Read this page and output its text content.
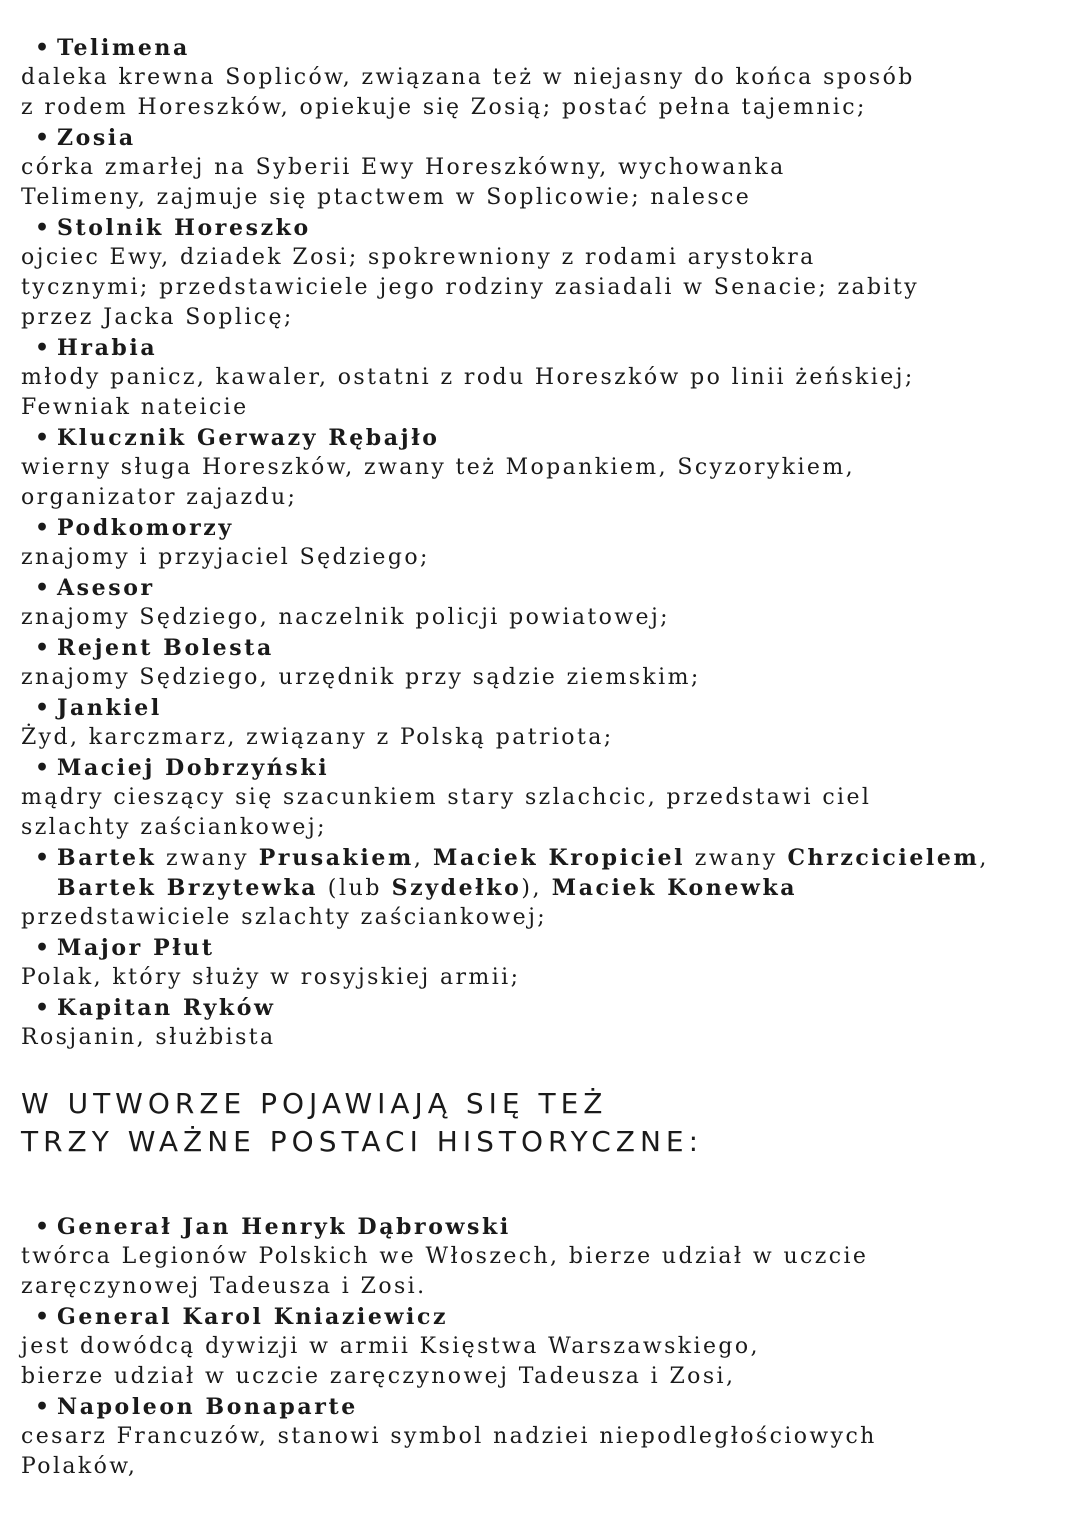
• Telimena
daleka krewna Sopliców, związana też w niejasny do końca sposób
z rodem Horeszków, opiekuje się Zosią; postać pełna tajemnic;
• Zosia
córka zmarłej na Syberii Ewy Horeszkówny, wychowanka
Telimeny, zajmuje się ptactwem w Soplicowie; nalesce
• Stolnik Horeszko
ojciec Ewy, dziadek Zosi; spokrewniony z rodami arystokra
tycznymi; przedstawiciele jego rodziny zasiadali w Senacie; zabity
przez Jacka Soplicę;
• Hrabia
młody panicz, kawaler, ostatni z rodu Horeszków po linii żeńskiej;
Fewniak nateicie
• Klucznik Gerwazy Rębajło
wierny sługa Horeszków, zwany też Mopankiem, Scyzorykiem,
organizator zajazdu;
• Podkomorzy
znajomy i przyjaciel Sędziego;
• Asesor
znajomy Sędziego, naczelnik policji powiatowej;
• Rejent Bolesta
znajomy Sędziego, urzędnik przy sądzie ziemskim;
• Jankiel
Żyd, karczmarz, związany z Polską patriota;
• Maciej Dobrzyński
mądry cieszący się szacunkiem stary szlachcic, przedstawi ciel
szlachty zaściankowej;
• Bartek zwany Prusakiem, Maciek Kropiciel zwany Chrzcicielem,
Bartek Brzytewka (lub Szydełko), Maciek Konewka
przedstawiciele szlachty zaściankowej;
• Major Płut
Polak, który służy w rosyjskiej armii;
• Kapitan Ryków
Rosjanin, służbista
W UTWORZE POJAWIAJĄ SIĘ TEŻ
TRZY WAŻNE POSTACI HISTORYCZNE:
• Generał Jan Henryk Dąbrowski
twórca Legionów Polskich we Włoszech, bierze udział w uczcie
zaręczynowej Tadeusza i Zosi.
• General Karol Kniaziewicz
jest dowódcą dywizji w armii Księstwa Warszawskiego,
bierze udział w uczcie zaręczynowej Tadeusza i Zosi,
• Napoleon Bonaparte
cesarz Francuzów, stanowi symbol nadziei niepodległościowych
Polaków,
